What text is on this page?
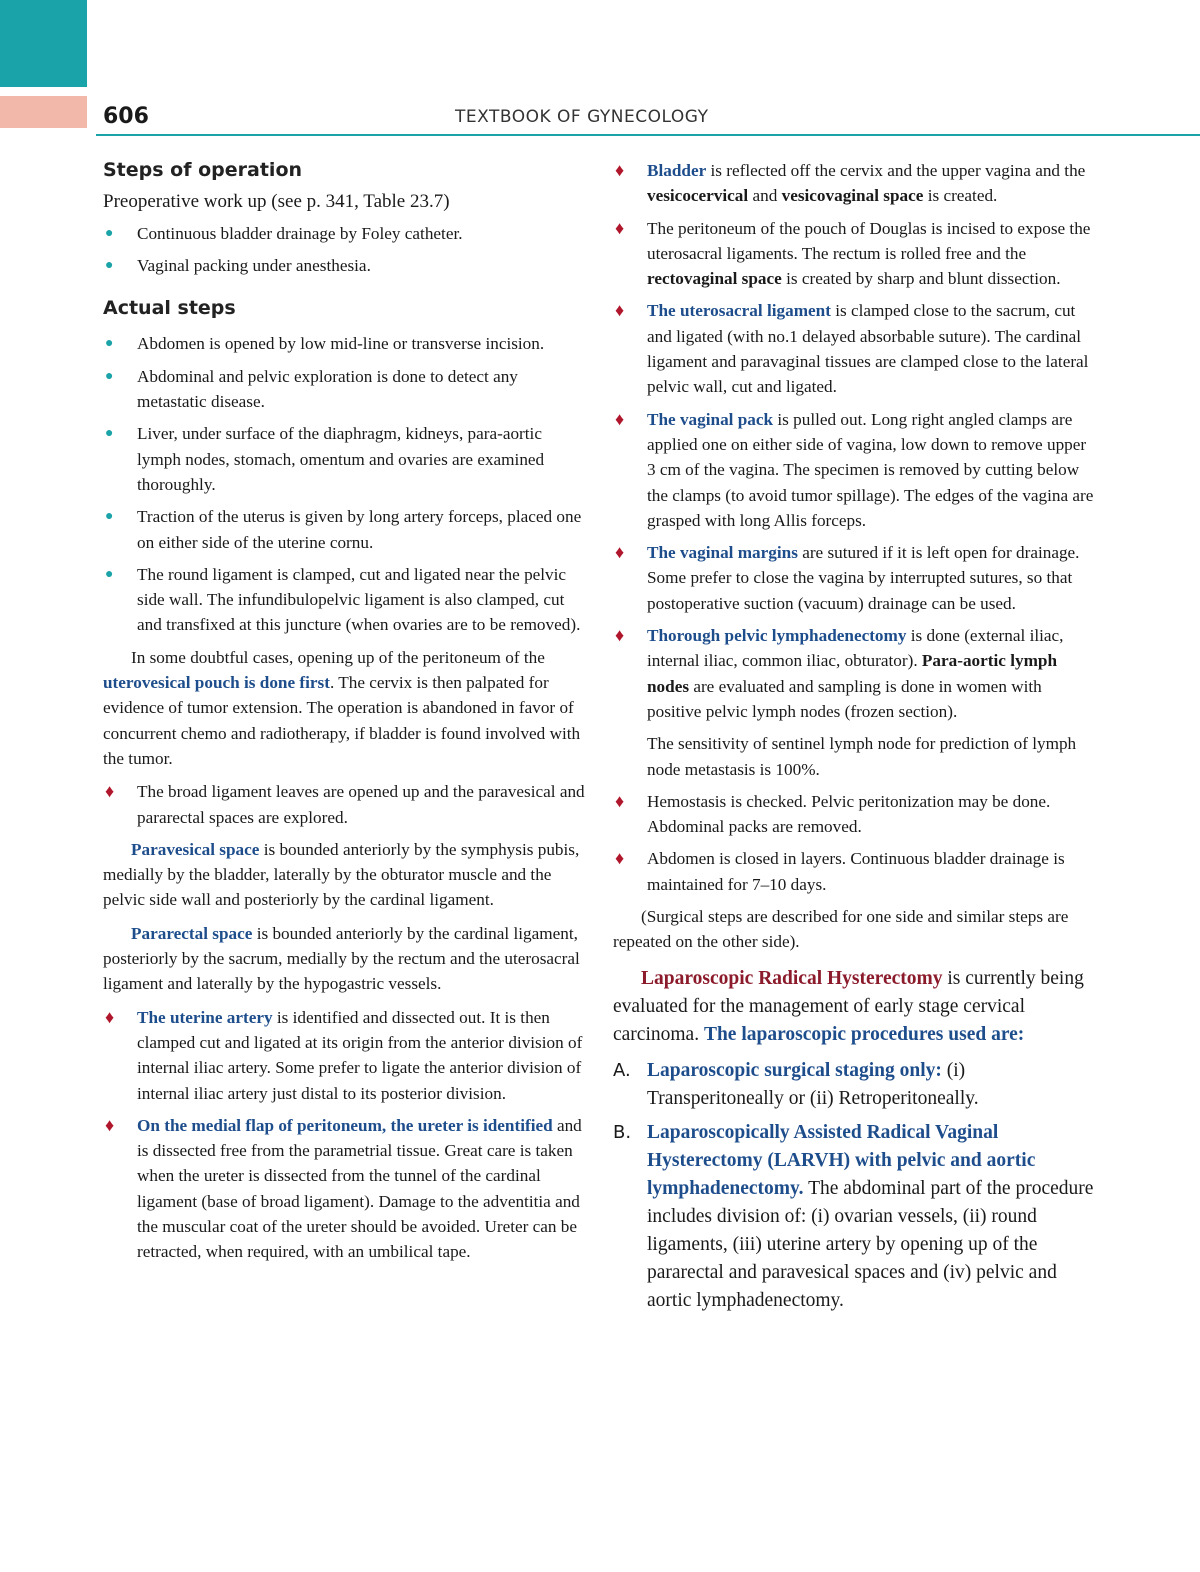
606	TEXTBOOK OF GYNECOLOGY
Steps of operation

Preoperative work up (see p. 341, Table 23.7)

● Continuous bladder drainage by Foley catheter.
● Vaginal packing under anesthesia.
Actual steps
● Abdomen is opened by low mid-line or transverse incision.
● Abdominal and pelvic exploration is done to detect any metastatic disease.
● Liver, under surface of the diaphragm, kidneys, para-aortic lymph nodes, stomach, omentum and ovaries are examined thoroughly.
● Traction of the uterus is given by long artery forceps, placed one on either side of the uterine cornu.
● The round ligament is clamped, cut and ligated near the pelvic side wall. The infundibulopelvic ligament is also clamped, cut and transfixed at this juncture (when ovaries are to be removed).

In some doubtful cases, opening up of the peritoneum of the uterovesical pouch is done first. The cervix is then palpated for evidence of tumor extension. The operation is abandoned in favor of concurrent chemo and radiotherapy, if bladder is found involved with the tumor.

♦ The broad ligament leaves are opened up and the paravesical and pararectal spaces are explored.

Paravesical space is bounded anteriorly by the symphysis pubis, medially by the bladder, laterally by the obturator muscle and the pelvic side wall and posteriorly by the cardinal ligament.

Pararectal space is bounded anteriorly by the cardinal ligament, posteriorly by the sacrum, medially by the rectum and the uterosacral ligament and laterally by the hypogastric vessels.

♦ The uterine artery is identified and dissected out. It is then clamped cut and ligated at its origin from the anterior division of internal iliac artery. Some prefer to ligate the anterior division of internal iliac artery just distal to its posterior division.
♦ On the medial flap of peritoneum, the ureter is identified and is dissected free from the parametrial tissue. Great care is taken when the ureter is dissected from the tunnel of the cardinal ligament (base of broad ligament). Damage to the adventitia and the muscular coat of the ureter should be avoided. Ureter can be retracted, when required, with an umbilical tape.
♦ Bladder is reflected off the cervix and the upper vagina and the vesicocervical and vesicovaginal space is created.
♦ The peritoneum of the pouch of Douglas is incised to expose the uterosacral ligaments. The rectum is rolled free and the rectovaginal space is created by sharp and blunt dissection.
♦ The uterosacral ligament is clamped close to the sacrum, cut and ligated (with no.1 delayed absorbable suture). The cardinal ligament and paravaginal tissues are clamped close to the lateral pelvic wall, cut and ligated.
♦ The vaginal pack is pulled out. Long right angled clamps are applied one on either side of vagina, low down to remove upper 3 cm of the vagina. The specimen is removed by cutting below the clamps (to avoid tumor spillage). The edges of the vagina are grasped with long Allis forceps.
♦ The vaginal margins are sutured if it is left open for drainage. Some prefer to close the vagina by interrupted sutures, so that postoperative suction (vacuum) drainage can be used.
♦ Thorough pelvic lymphadenectomy is done (external iliac, internal iliac, common iliac, obturator). Para-aortic lymph nodes are evaluated and sampling is done in women with positive pelvic lymph nodes (frozen section).

The sensitivity of sentinel lymph node for prediction of lymph node metastasis is 100%.

♦ Hemostasis is checked. Pelvic peritonization may be done. Abdominal packs are removed.
♦ Abdomen is closed in layers. Continuous bladder drainage is maintained for 7–10 days.

(Surgical steps are described for one side and similar steps are repeated on the other side).

Laparoscopic Radical Hysterectomy is currently being evaluated for the management of early stage cervical carcinoma. The laparoscopic procedures used are:

A. Laparoscopic surgical staging only: (i) Transperitoneally or (ii) Retroperitoneally.
B. Laparoscopically Assisted Radical Vaginal Hysterectomy (LARVH) with pelvic and aortic lymphadenectomy. The abdominal part of the procedure includes division of: (i) ovarian vessels, (ii) round ligaments, (iii) uterine artery by opening up of the pararectal and paravesical spaces and (iv) pelvic and aortic lymphadenectomy.
